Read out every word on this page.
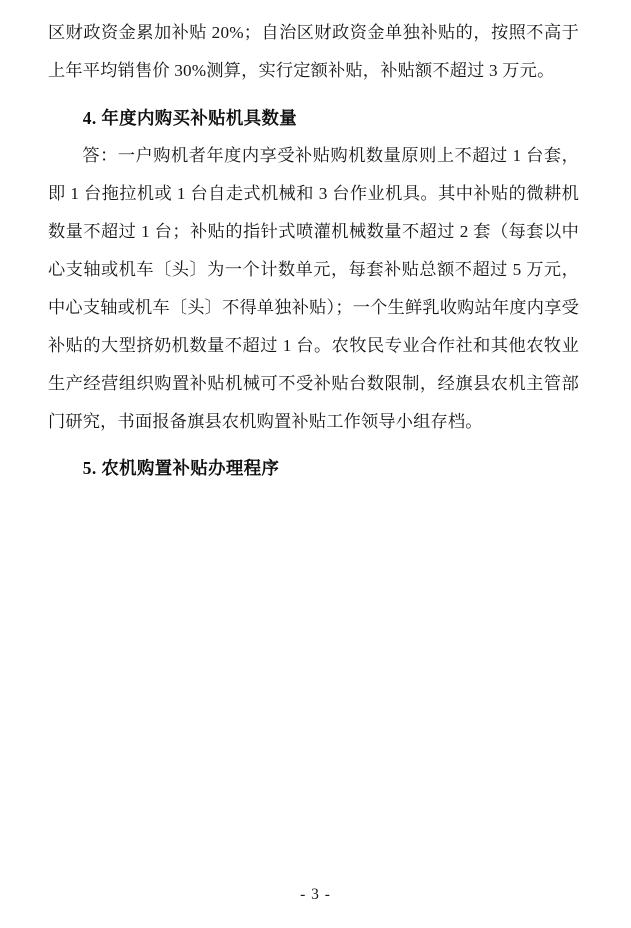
区财政资金累加补贴 20%；自治区财政资金单独补贴的，按照不高于上年平均销售价 30%测算，实行定额补贴，补贴额不超过 3 万元。

4. 年度内购买补贴机具数量

答：一户购机者年度内享受补贴购机数量原则上不超过 1 台套，即 1 台拖拉机或 1 台自走式机械和 3 台作业机具。其中补贴的微耕机数量不超过 1 台；补贴的指针式喷灌机械数量不超过 2 套（每套以中心支轴或机车〔头〕为一个计数单元，每套补贴总额不超过 5 万元，中心支轴或机车〔头〕不得单独补贴）；一个生鲜乳收购站年度内享受补贴的大型挤奶机数量不超过 1 台。农牧民专业合作社和其他农牧业生产经营组织购置补贴机械可不受补贴台数限制，经旗县农机主管部门研究，书面报备旗县农机购置补贴工作领导小组存档。

5. 农机购置补贴办理程序

- 3 -
